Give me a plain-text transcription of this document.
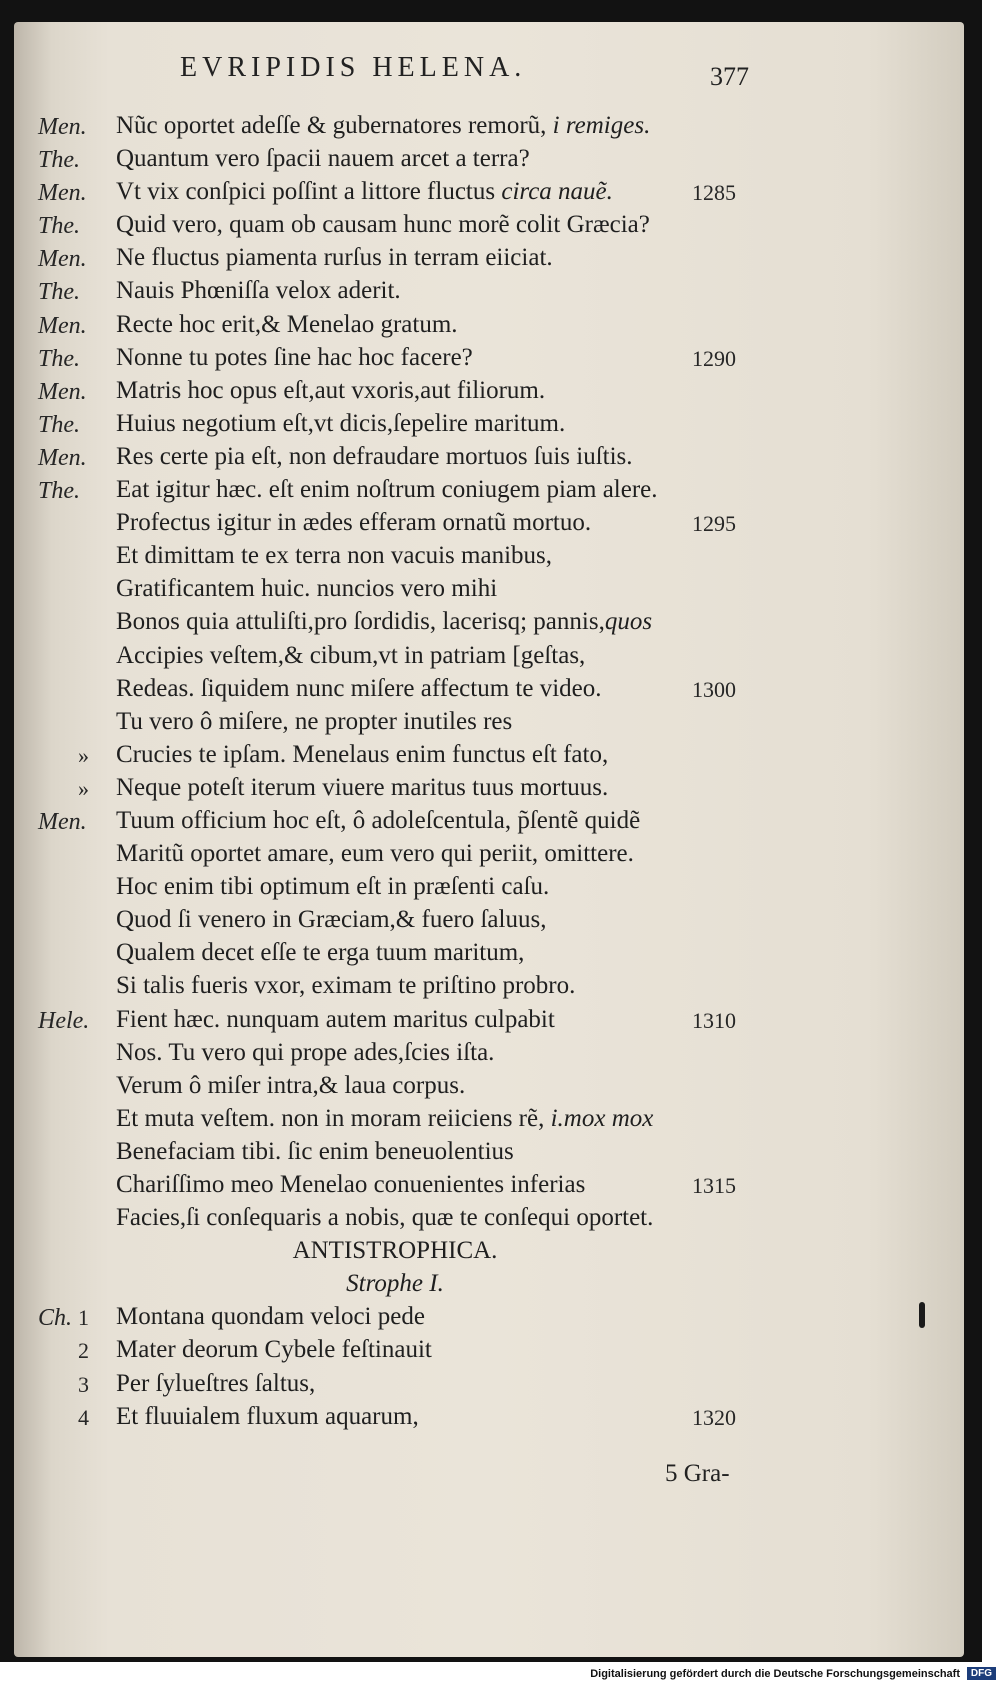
EVRIPIDIS HELENA.	377
Men. Nũc oportet adeſſe & gubernatores remorũ, i remiges.
The. Quantum vero ſpacii nauem arcet a terra?
Men. Vt vix conſpici poſſint a littore fluctus circa nauẽ.	1285
The. Quid vero, quam ob causam hunc morẽ colit Græcia?
Men. Ne fluctus piamenta rurſus in terram eiiciat.
The. Nauis Phœniſſa velox aderit.
Men. Recte hoc erit,& Menelao gratum.
The. Nonne tu potes ſine hac hoc facere?	1290
Men. Matris hoc opus eſt,aut vxoris,aut filiorum.
The. Huius negotium eſt,vt dicis,ſepelire maritum.
Men. Res certe pia eſt, non defraudare mortuos ſuis iuſtis.
The. Eat igitur hæc. eſt enim noſtrum coniugem piam alere.
Profectus igitur in ædes efferam ornatũ mortuo.	1295
Et dimittam te ex terra non vacuis manibus,
Gratificantem huic. nuncios vero mihi
Bonos quia attuliſti,pro ſordidis, lacerisq; pannis,quos
Accipies veſtem,& cibum,vt in patriam [geſtas,
Redeas. ſiquidem nunc miſere affectum te video.	1300
Tu vero ô miſere, ne propter inutiles res
» Crucies te ipſam. Menelaus enim functus eſt fato,
» Neque poteſt iterum viuere maritus tuus mortuus.
Men. Tuum officium hoc eſt, ô adoleſcentula, p̃ſentẽ quidẽ
Maritũ oportet amare, eum vero qui periit, omittere.
Hoc enim tibi optimum eſt in præſenti caſu.
Quod ſi venero in Græciam,& fuero ſaluus,
Qualem decet eſſe te erga tuum maritum,
Si talis fueris vxor, eximam te priſtino probro.
Hele. Fient hæc. nunquam autem maritus culpabit	1310
Nos. Tu vero qui prope ades,ſcies iſta.
Verum ô miſer intra,& laua corpus.
Et muta veſtem. non in moram reiiciens rẽ, i.mox mox
Benefaciam tibi. ſic enim beneuolentius
Chariſſimo meo Menelao conuenientes inferias	1315
Facies,ſi conſequaris a nobis, quæ te conſequi oportet.
ANTISTROPHICA.
Strophe I.
Ch. 1 Montana quondam veloci pede
2 Mater deorum Cybele feſtinauit
3 Per ſylueſtres ſaltus,
4 Et fluuialem fluxum aquarum,	1320
5 Gra-
Digitalisierung gefördert durch die Deutsche Forschungsgemeinschaft	DFG
